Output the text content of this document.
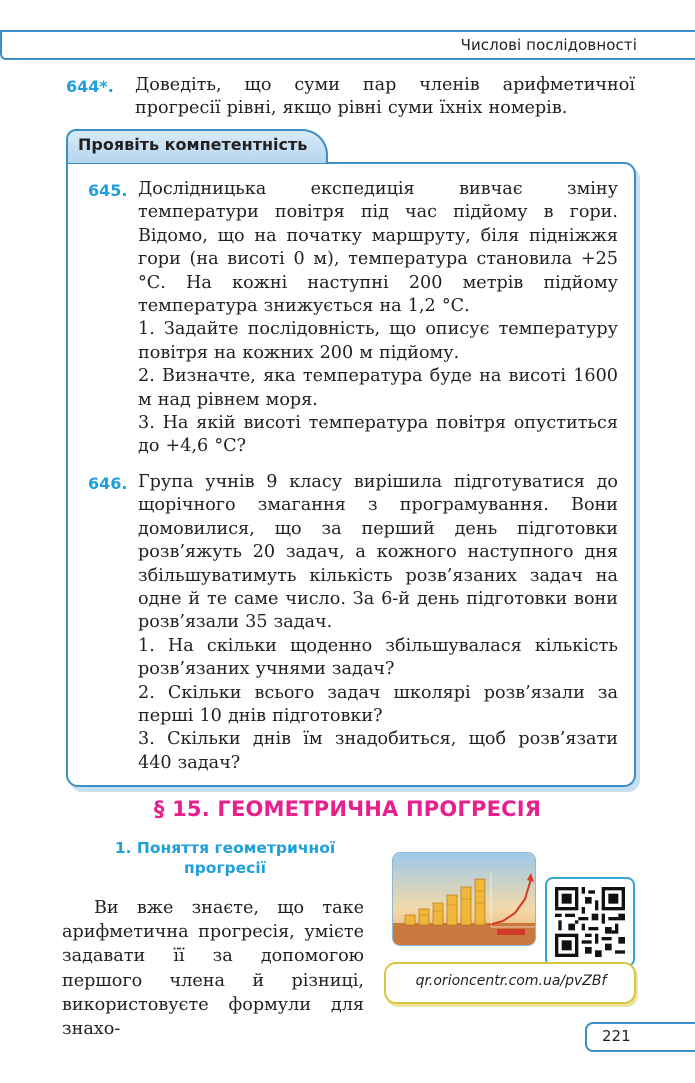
Числові послідовності
644*. Доведіть, що суми пар членів арифметичної прогресії рівні, якщо рівні суми їхніх номерів.
Проявіть компетентність
645. Дослідницька експедиція вивчає зміну температури повітря під час підйому в гори. Відомо, що на початку маршруту, біля підніжжя гори (на висоті 0 м), температура становила +25 °С. На кожні наступні 200 метрів підйому температура знижується на 1,2 °С.
1. Задайте послідовність, що описує температуру повітря на кожних 200 м підйому.
2. Визначте, яка температура буде на висоті 1600 м над рівнем моря.
3. На якій висоті температура повітря опуститься до +4,6 °С?
646. Група учнів 9 класу вирішила підготуватися до щорічного змагання з програмування. Вони домовилися, що за перший день підготовки розв’яжуть 20 задач, а кожного наступного дня збільшуватимуть кількість розв’язаних задач на одне й те саме число. За 6-й день підготовки вони розв’язали 35 задач.
1. На скільки щоденно збільшувалася кількість розв’язаних учнями задач?
2. Скільки всього задач школярі розв’язали за перші 10 днів підготовки?
3. Скільки днів їм знадобиться, щоб розв’язати 440 задач?
§ 15. ГЕОМЕТРИЧНА ПРОГРЕСІЯ
1. Поняття геометричної прогресії
Ви вже знаєте, що таке арифметична прогресія, умієте задавати її за допомогою першого члена й різниці, використовуєте формули для знахо-
qr.orioncentr.com.ua/pvZBf
221
